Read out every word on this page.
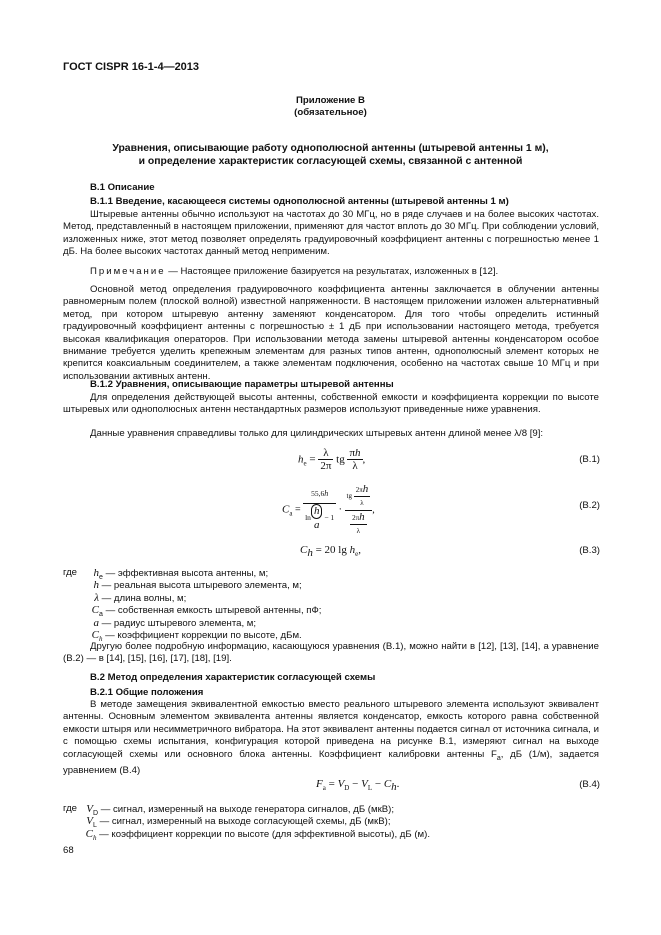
ГОСТ CISPR 16-1-4—2013
Приложение В
(обязательное)
Уравнения, описывающие работу однополюсной антенны (штыревой антенны 1 м),
и определение характеристик согласующей схемы, связанной с антенной
В.1 Описание
В.1.1 Введение, касающееся системы однополюсной антенны (штыревой антенны 1 м)
Штыревые антенны обычно используют на частотах до 30 МГц, но в ряде случаев и на более высоких частотах. Метод, представленный в настоящем приложении, применяют для частот вплоть до 30 МГц. При соблюдении условий, изложенных ниже, этот метод позволяет определять градуировочный коэффициент антенны с погрешностью менее 1 дБ. На более высоких частотах данный метод неприменим.
Примечание — Настоящее приложение базируется на результатах, изложенных в [12].
Основной метод определения градуировочного коэффициента антенны заключается в облучении антенны равномерным полем (плоской волной) известной напряженности. В настоящем приложении изложен альтернативный метод, при котором штыревую антенну заменяют конденсатором. Для того чтобы определить истинный градуировочный коэффициент антенны с погрешностью ± 1 дБ при использовании настоящего метода, требуется высокая квалификация операторов. При использовании метода замены штыревой антенны конденсатором особое внимание требуется уделить крепежным элементам для разных типов антенн, однополюсный элемент которых не крепится коаксиальным соединителем, а также элементам подключения, особенно на частотах свыше 10 МГц и при использовании активных антенн.
В.1.2 Уравнения, описывающие параметры штыревой антенны
Для определения действующей высоты антенны, собственной емкости и коэффициента коррекции по высоте штыревых или однополюсных антенн нестандартных размеров используют приведенные ниже уравнения.
Данные уравнения справедливы только для цилиндрических штыревых антенн длиной менее λ/8 [9]:
$h_e = \frac{\lambda}{2\pi}$ tg $\frac{\pi h}{\lambda}$ ,	(В.1)
$C_a = \frac{55,6h}{\ln \frac{h}{a} - 1} \cdot \frac{tg \frac{2\pi h}{\lambda}}{\frac{2\pi h}{\lambda}}$ ,	(В.2)
$C_h = 20$ $\lg h_e$,	(В.3)
где	$h_e$ — эффективная высота антенны, м;
h — реальная высота штыревого элемента, м;
λ — длина волны, м;
$C_a$ — собственная емкость штыревой антенны, пФ;
a — радиус штыревого элемента, м;
$C_h$ — коэффициент коррекции по высоте, дБм.
Другую более подробную информацию, касающуюся уравнения (В.1), можно найти в [12], [13], [14], а уравнение (В.2) — в [14], [15], [16], [17], [18], [19].
В.2 Метод определения характеристик согласующей схемы
В.2.1 Общие положения
В методе замещения эквивалентной емкостью вместо реального штыревого элемента используют эквивалент антенны. Основным элементом эквивалента антенны является конденсатор, емкость которого равна собственной емкости штыря или несимметричного вибратора. На этот эквивалент антенны подается сигнал от источника сигнала, и с помощью схемы испытания, конфигурация которой приведена на рисунке В.1, измеряют сигнал на выходе согласующей схемы или основного блока антенны. Коэффициент калибровки антенны $F_a$, дБ (1/м), задается уравнением (В.4)
$F_a = V_D - V_L - C_h$.	(В.4)
где $V_D$ — сигнал, измеренный на выходе генератора сигналов, дБ (мкВ);
$V_L$ — сигнал, измеренный на выходе согласующей схемы, дБ (мкВ);
$C_h$ — коэффициент коррекции по высоте (для эффективной высоты), дБ (м).
68
